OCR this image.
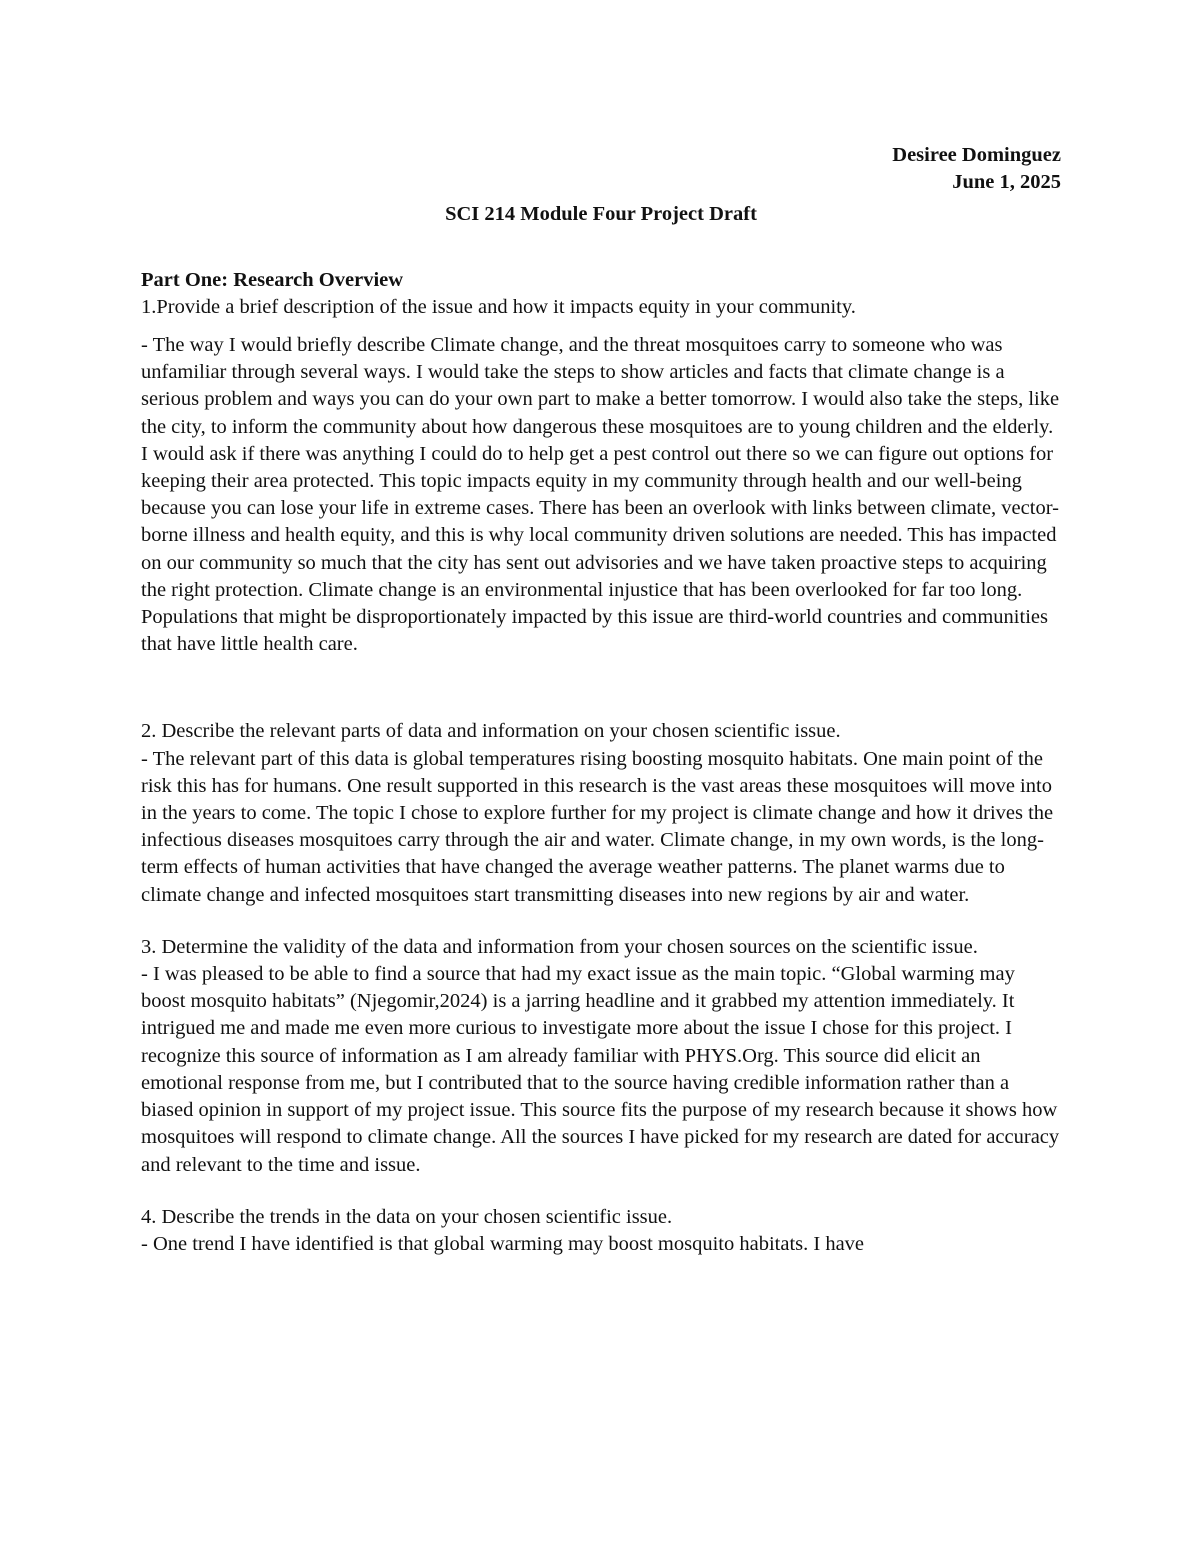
Desiree Dominguez
June 1, 2025
SCI 214 Module Four Project Draft
Part One: Research Overview

1.Provide a brief description of the issue and how it impacts equity in your community.

- The way I would briefly describe Climate change, and the threat mosquitoes carry to someone who was unfamiliar through several ways. I would take the steps to show articles and facts that climate change is a serious problem and ways you can do your own part to make a better tomorrow. I would also take the steps, like the city, to inform the community about how dangerous these mosquitoes are to young children and the elderly. I would ask if there was anything I could do to help get a pest control out there so we can figure out options for keeping their area protected. This topic impacts equity in my community through health and our well-being because you can lose your life in extreme cases. There has been an overlook with links between climate, vector-borne illness and health equity, and this is why local community driven solutions are needed. This has impacted on our community so much that the city has sent out advisories and we have taken proactive steps to acquiring the right protection. Climate change is an environmental injustice that has been overlooked for far too long. Populations that might be disproportionately impacted by this issue are third-world countries and communities that have little health care.

2. Describe the relevant parts of data and information on your chosen scientific issue.

- The relevant part of this data is global temperatures rising boosting mosquito habitats. One main point of the risk this has for humans. One result supported in this research is the vast areas these mosquitoes will move into in the years to come. The topic I chose to explore further for my project is climate change and how it drives the infectious diseases mosquitoes carry through the air and water. Climate change, in my own words, is the long-term effects of human activities that have changed the average weather patterns. The planet warms due to climate change and infected mosquitoes start transmitting diseases into new regions by air and water.

3. Determine the validity of the data and information from your chosen sources on the scientific issue.

- I was pleased to be able to find a source that had my exact issue as the main topic. “Global warming may boost mosquito habitats” (Njegomir,2024) is a jarring headline and it grabbed my attention immediately. It intrigued me and made me even more curious to investigate more about the issue I chose for this project. I recognize this source of information as I am already familiar with PHYS.Org. This source did elicit an emotional response from me, but I contributed that to the source having credible information rather than a biased opinion in support of my project issue. This source fits the purpose of my research because it shows how mosquitoes will respond to climate change. All the sources I have picked for my research are dated for accuracy and relevant to the time and issue.

4. Describe the trends in the data on your chosen scientific issue.

- One trend I have identified is that global warming may boost mosquito habitats. I have
